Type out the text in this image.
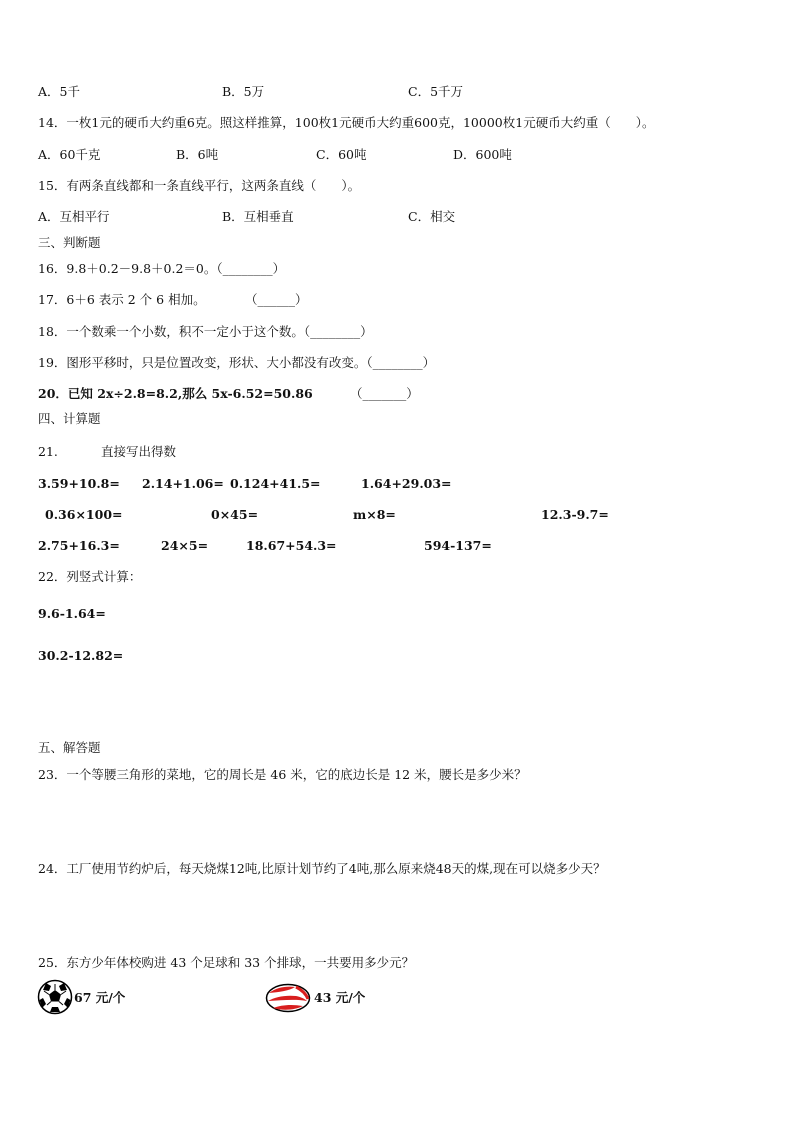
A．5千	B．5万	C．5千万
14．一枚1元的硬币大约重6克。照这样推算，100枚1元硬币大约重600克，10000枚1元硬币大约重（　　）。
A．60千克	B．6吨	C．60吨	D．600吨
15．有两条直线都和一条直线平行，这两条直线（　　）。
A．互相平行	B．互相垂直	C．相交
三、判断题
16．9.8＋0.2－9.8＋0.2＝0。（________）
17．6＋6 表示 2 个 6 相加。	（______）
18．一个数乘一个小数，积不一定小于这个数。（________）
19．图形平移时，只是位置改变，形状、大小都没有改变。（________）
20．已知 2x÷2.8=8.2,那么 5x-6.52=50.86	（_______）
四、计算题
21.	直接写出得数
3.59+10.8= 2.14+1.06= 0.124+41.5=	1.64+29.03=
0.36×100=	0×45=	m×8=	12.3-9.7=
2.75+16.3=	24×5=	18.67+54.3=	594-137=
22．列竖式计算：
9.6-1.64=
30.2-12.82=
五、解答题
23．一个等腰三角形的菜地，它的周长是 46 米，它的底边长是 12 米，腰长是多少米？
24．工厂使用节约炉后，每天烧煤12吨,比原计划节约了4吨,那么原来烧48天的煤,现在可以烧多少天？
25．东方少年体校购进 43 个足球和 33 个排球，一共要用多少元？
67 元/个	43 元/个
